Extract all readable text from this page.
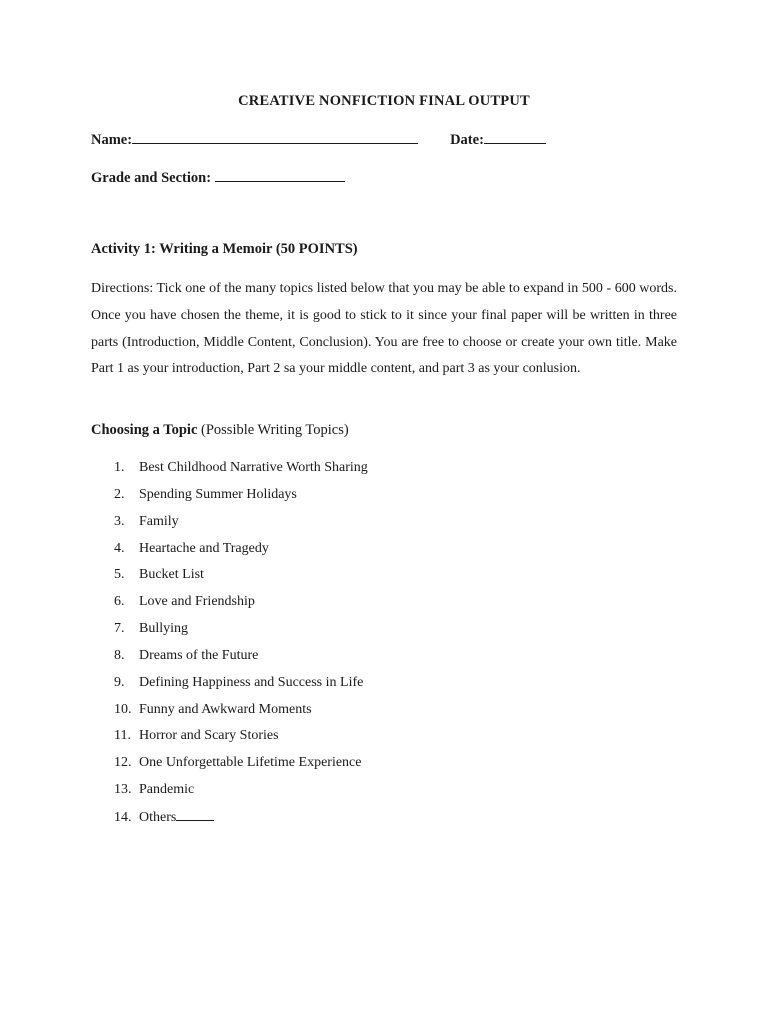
CREATIVE NONFICTION FINAL OUTPUT
Name:	Date:
Grade and Section:
Activity 1: Writing a Memoir (50 POINTS)

Directions: Tick one of the many topics listed below that you may be able to expand in 500 - 600 words. Once you have chosen the theme, it is good to stick to it since your final paper will be written in three parts (Introduction, Middle Content, Conclusion). You are free to choose or create your own title. Make Part 1 as your introduction, Part 2 sa your middle content, and part 3 as your conlusion.

Choosing a Topic (Possible Writing Topics)
1. Best Childhood Narrative Worth Sharing
2. Spending Summer Holidays
3. Family
4. Heartache and Tragedy
5. Bucket List
6. Love and Friendship
7. Bullying
8. Dreams of the Future
9. Defining Happiness and Success in Life
10. Funny and Awkward Moments
11. Horror and Scary Stories
12. One Unforgettable Lifetime Experience
13. Pandemic
14. Others
